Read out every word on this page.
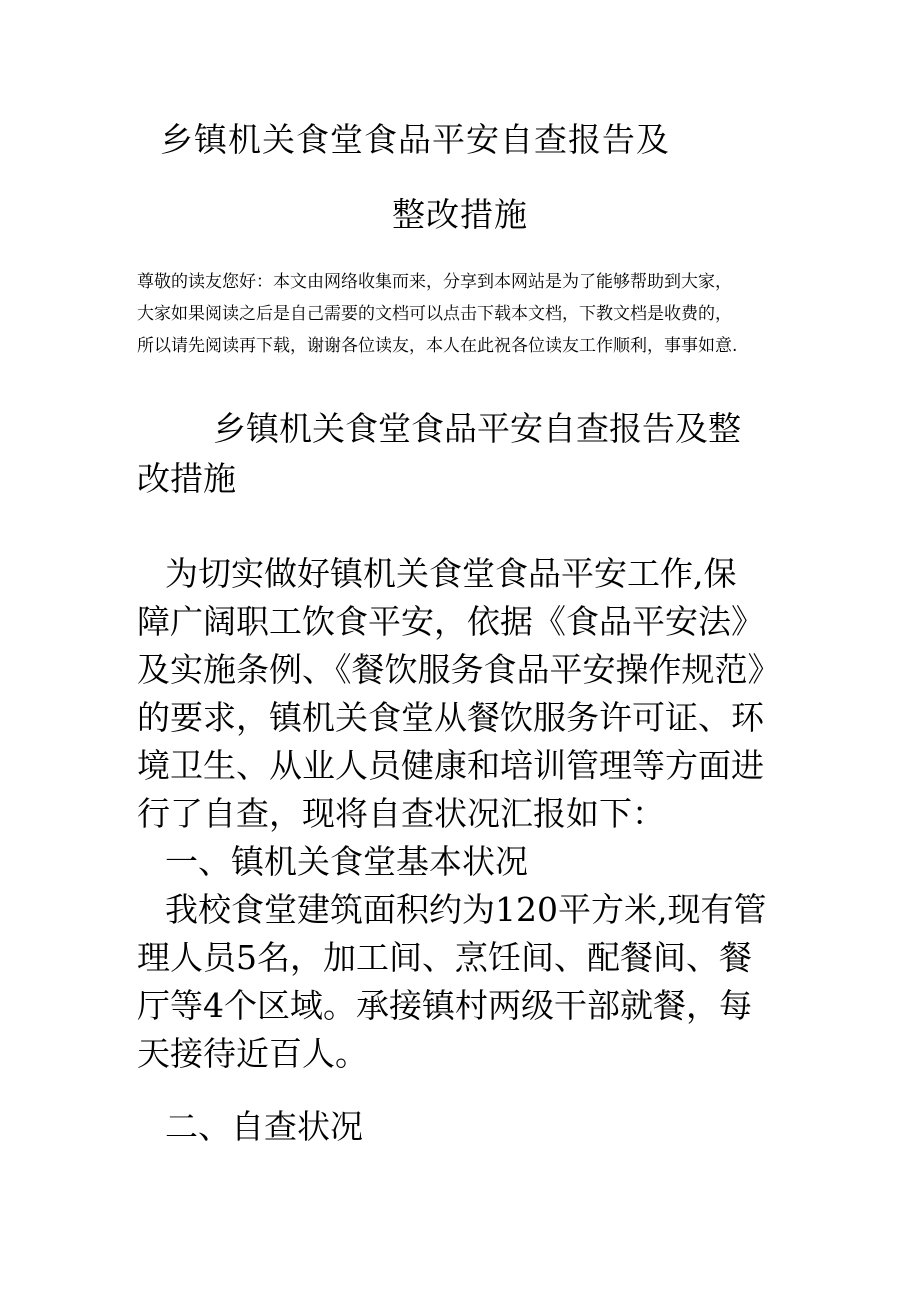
乡镇机关食堂食品平安自查报告及
整改措施
尊敬的读友您好：本文由网络收集而来，分享到本网站是为了能够帮助到大家，
大家如果阅读之后是自己需要的文档可以点击下载本文档，下教文档是收费的，
所以请先阅读再下载，谢谢各位读友，本人在此祝各位读友工作顺利，事事如意.
乡镇机关食堂食品平安自查报告及整
改措施
为切实做好镇机关食堂食品平安工作,保
障广阔职工饮食平安，依据《食品平安法》
及实施条例、《餐饮服务食品平安操作规范》
的要求，镇机关食堂从餐饮服务许可证、环
境卫生、从业人员健康和培训管理等方面进
行了自查，现将自查状况汇报如下：
一、镇机关食堂基本状况
我校食堂建筑面积约为120平方米,现有管
理人员5名，加工间、烹饪间、配餐间、餐
厅等4个区域。承接镇村两级干部就餐，每
天接待近百人。
二、自查状况
